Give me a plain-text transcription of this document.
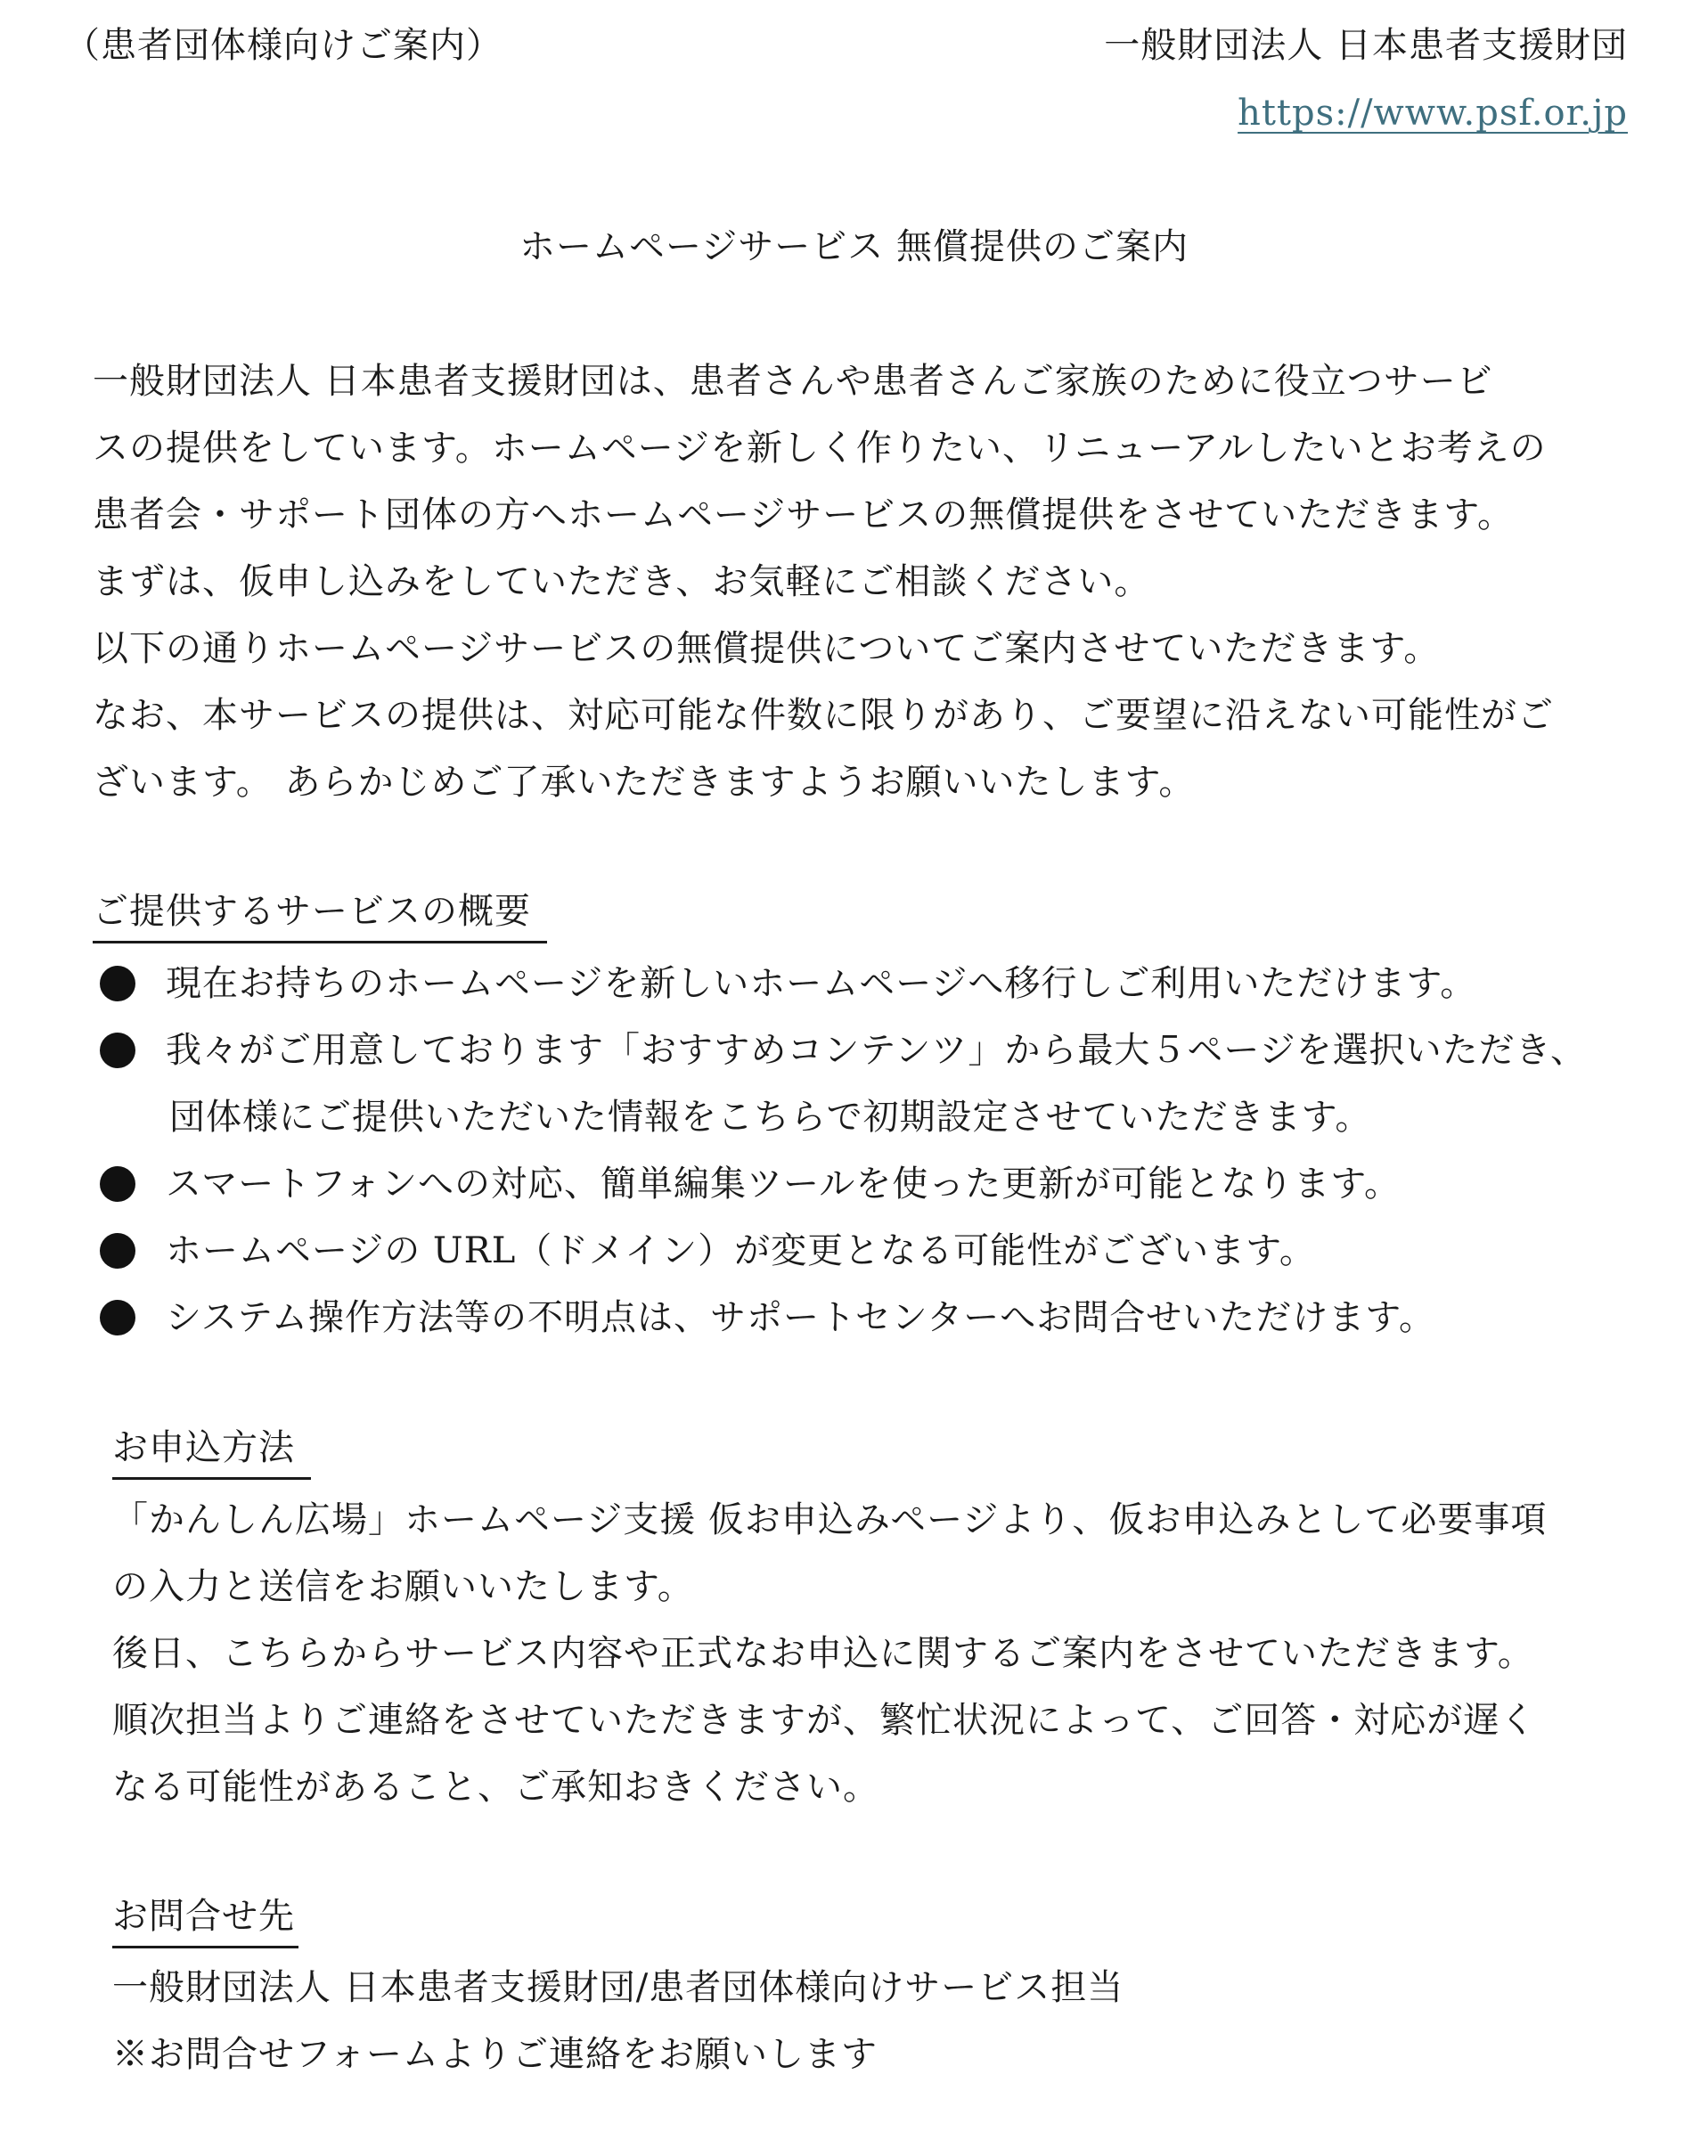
（患者団体様向けご案内）	一般財団法人 日本患者支援財団
https://www.psf.or.jp
ホームページサービス 無償提供のご案内
一般財団法人 日本患者支援財団は、患者さんや患者さんご家族のために役立つサービ
スの提供をしています。ホームページを新しく作りたい、リニューアルしたいとお考えの
患者会・サポート団体の方へホームページサービスの無償提供をさせていただきます。
まずは、仮申し込みをしていただき、お気軽にご相談ください。
以下の通りホームページサービスの無償提供についてご案内させていただきます。
なお、本サービスの提供は、対応可能な件数に限りがあり、ご要望に沿えない可能性がご
ざいます。 あらかじめご了承いただきますようお願いいたします。
ご提供するサービスの概要
現在お持ちのホームページを新しいホームページへ移行しご利用いただけます。
我々がご用意しております「おすすめコンテンツ」から最大５ページを選択いただき、
団体様にご提供いただいた情報をこちらで初期設定させていただきます。
スマートフォンへの対応、簡単編集ツールを使った更新が可能となります。
ホームページの URL（ドメイン）が変更となる可能性がございます。
システム操作方法等の不明点は、サポートセンターへお問合せいただけます。
お申込方法
「かんしん広場」ホームページ支援 仮お申込みページより、仮お申込みとして必要事項
の入力と送信をお願いいたします。
後日、こちらからサービス内容や正式なお申込に関するご案内をさせていただきます。
順次担当よりご連絡をさせていただきますが、繁忙状況によって、ご回答・対応が遅く
なる可能性があること、ご承知おきください。
お問合せ先
一般財団法人 日本患者支援財団/患者団体様向けサービス担当
※お問合せフォームよりご連絡をお願いします
